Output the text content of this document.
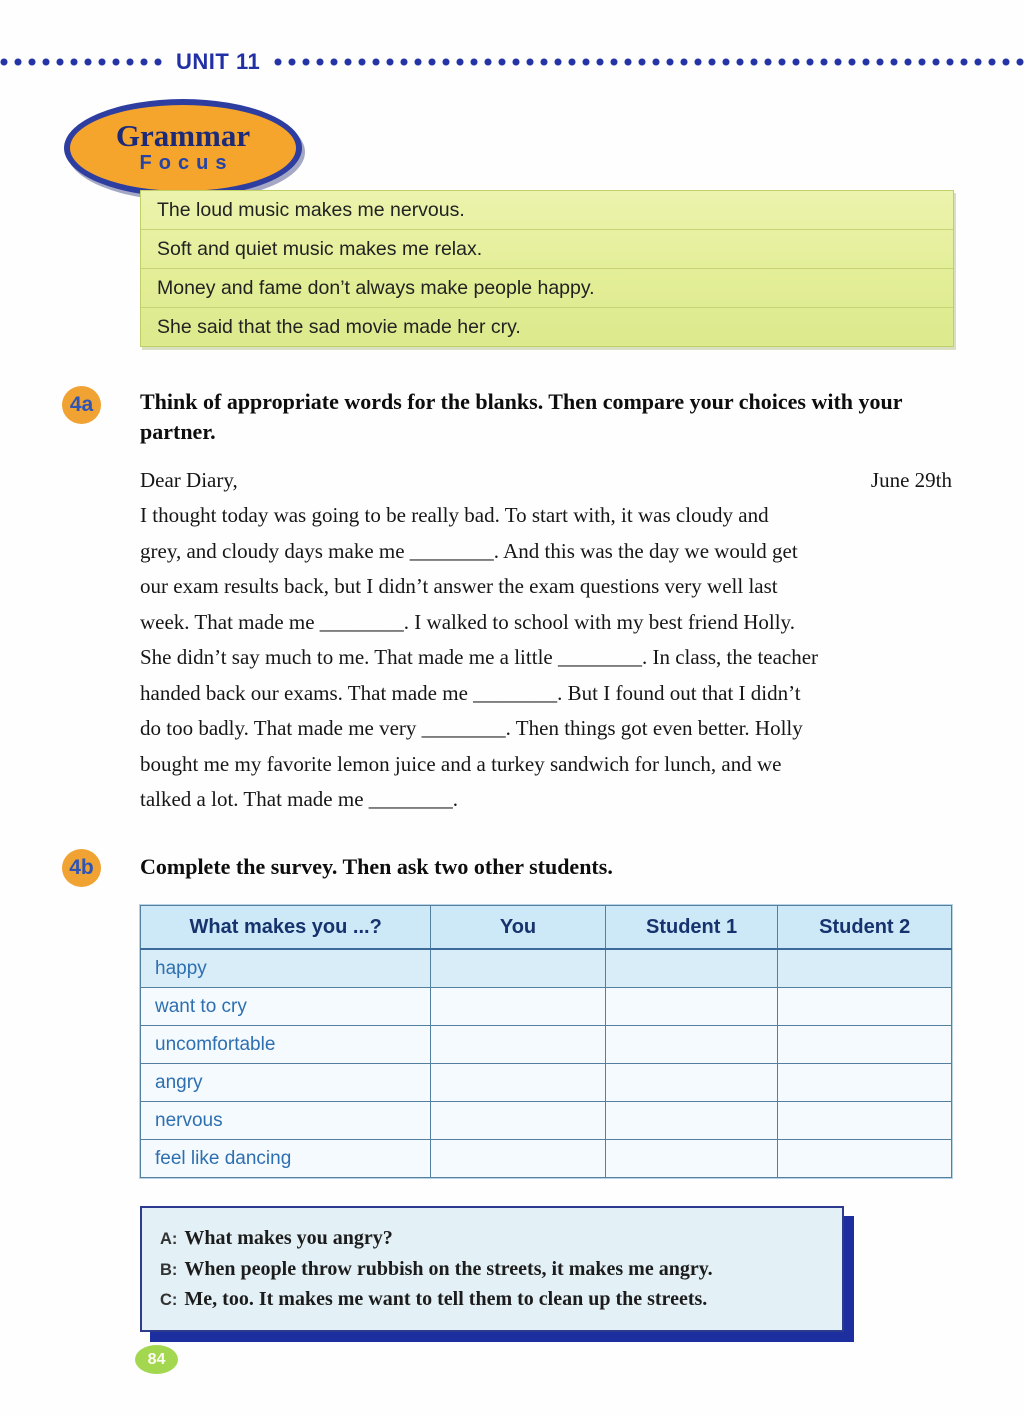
UNIT 11
Grammar
Focus
The loud music makes me nervous.
Soft and quiet music makes me relax.
Money and fame don’t always make people happy.
She said that the sad movie made her cry.
4a	Think of appropriate words for the blanks. Then compare your choices with your partner.
Dear Diary,	June 29th
I thought today was going to be really bad. To start with, it was cloudy and
grey, and cloudy days make me ________. And this was the day we would get
our exam results back, but I didn’t answer the exam questions very well last
week. That made me ________. I walked to school with my best friend Holly.
She didn’t say much to me. That made me a little ________. In class, the teacher
handed back our exams. That made me ________. But I found out that I didn’t
do too badly. That made me very ________. Then things got even better. Holly
bought me my favorite lemon juice and a turkey sandwich for lunch, and we
talked a lot. That made me ________.
4b	Complete the survey. Then ask two other students.
What makes you ...?	You	Student 1	Student 2
happy			
want to cry			
uncomfortable			
angry			
nervous			
feel like dancing			
A: What makes you angry?
B: When people throw rubbish on the streets, it makes me angry.
C: Me, too. It makes me want to tell them to clean up the streets.
84
